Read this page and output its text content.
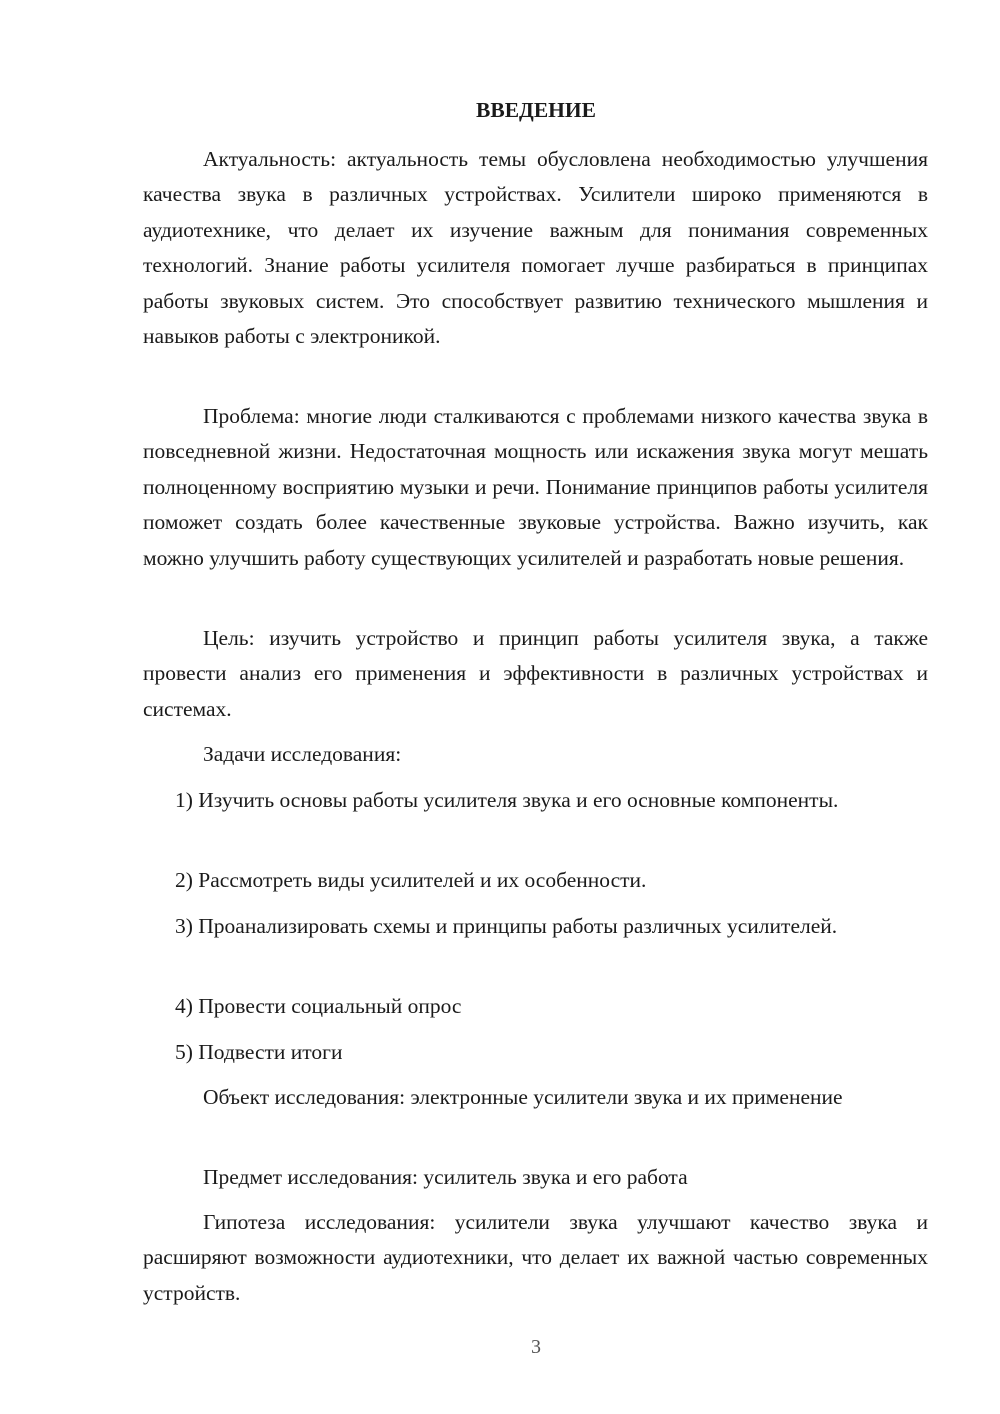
ВВЕДЕНИЕ

Актуальность: актуальность темы обусловлена необходимостью улучшения качества звука в различных устройствах. Усилители широко применяются в аудиотехнике, что делает их изучение важным для понимания современных технологий. Знание работы усилителя помогает лучше разбираться в принципах работы звуковых систем. Это способствует развитию технического мышления и навыков работы с электроникой.

Проблема: многие люди сталкиваются с проблемами низкого качества звука в повседневной жизни. Недостаточная мощность или искажения звука могут мешать полноценному восприятию музыки и речи. Понимание принципов работы усилителя поможет создать более качественные звуковые устройства. Важно изучить, как можно улучшить работу существующих усилителей и разработать новые решения.

Цель: изучить устройство и принцип работы усилителя звука, а также провести анализ его применения и эффективности в различных устройствах и системах.

Задачи исследования:

1) Изучить основы работы усилителя звука и его основные компоненты.

2) Рассмотреть виды усилителей и их особенности.

3) Проанализировать схемы и принципы работы различных усилителей.

4) Провести социальный опрос

5) Подвести итоги

Объект исследования: электронные усилители звука и их применение

Предмет исследования: усилитель звука и его работа

Гипотеза исследования: усилители звука улучшают качество звука и расширяют возможности аудиотехники, что делает их важной частью современных устройств.

3
